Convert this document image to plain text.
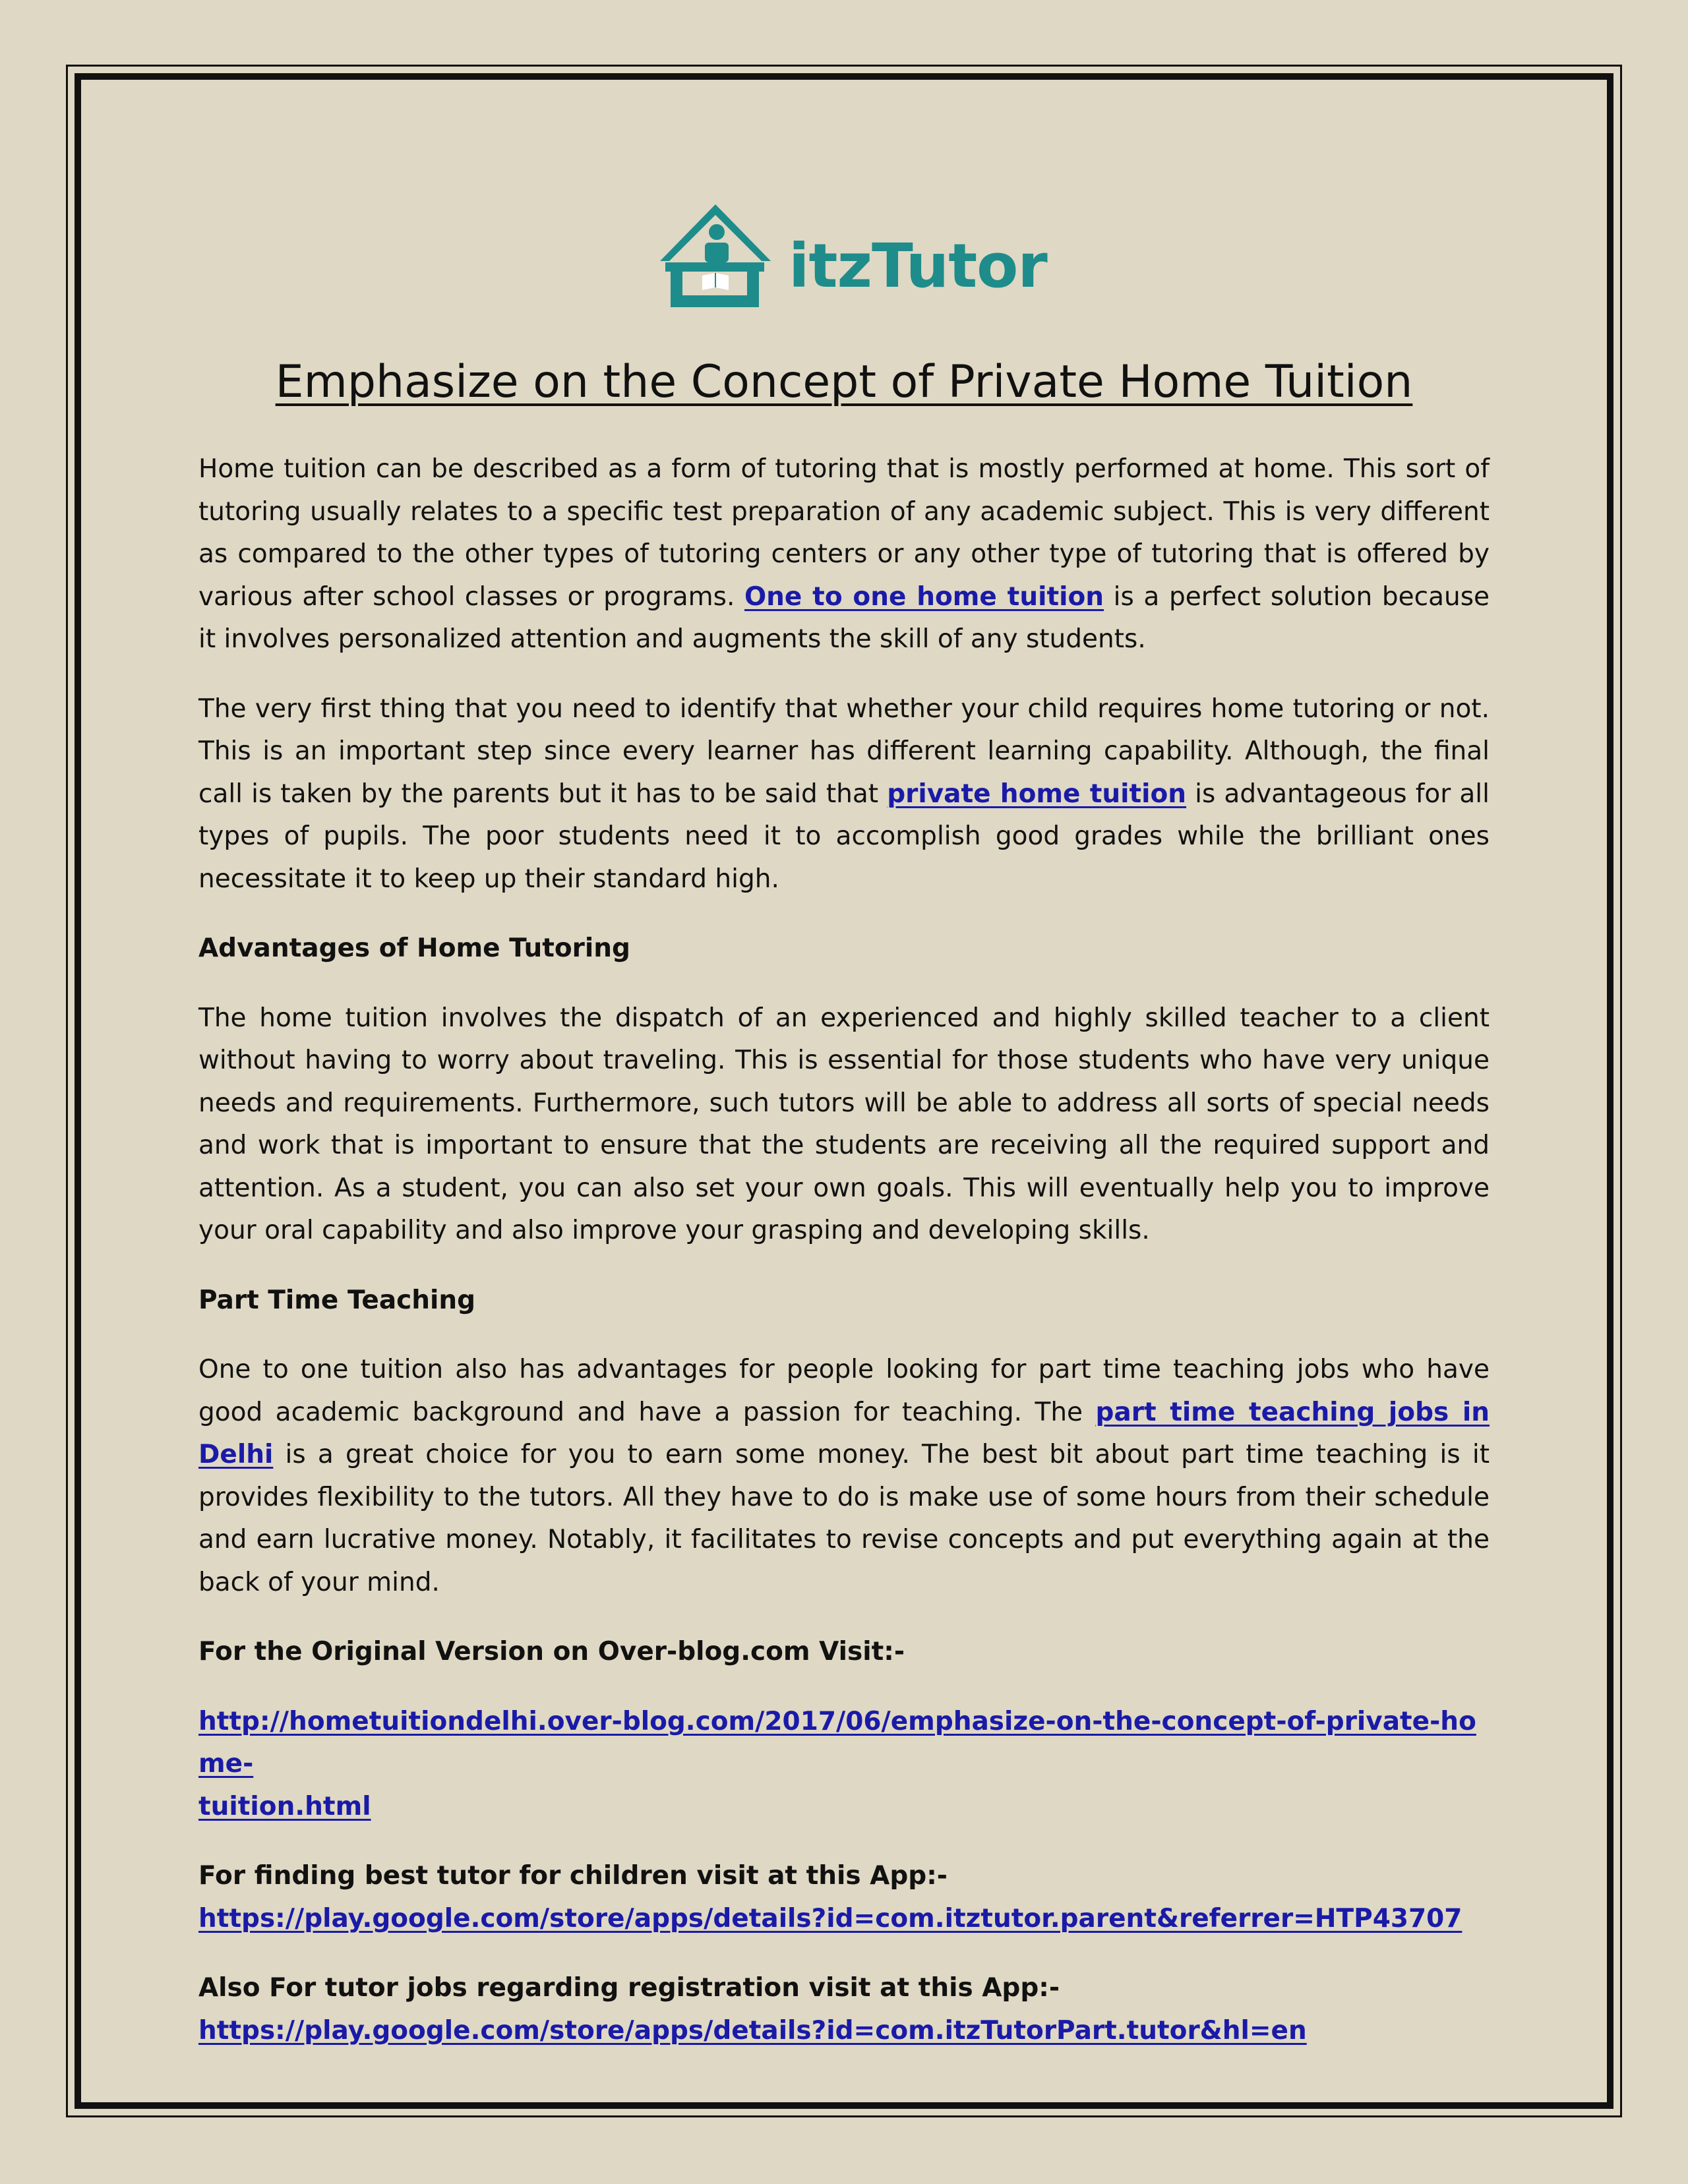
itzTutor
Emphasize on the Concept of Private Home Tuition

Home tuition can be described as a form of tutoring that is mostly performed at home. This sort of tutoring usually relates to a specific test preparation of any academic subject. This is very different as compared to the other types of tutoring centers or any other type of tutoring that is offered by various after school classes or programs. One to one home tuition is a perfect solution because it involves personalized attention and augments the skill of any students.

The very first thing that you need to identify that whether your child requires home tutoring or not. This is an important step since every learner has different learning capability. Although, the final call is taken by the parents but it has to be said that private home tuition is advantageous for all types of pupils. The poor students need it to accomplish good grades while the brilliant ones necessitate it to keep up their standard high.

Advantages of Home Tutoring

The home tuition involves the dispatch of an experienced and highly skilled teacher to a client without having to worry about traveling. This is essential for those students who have very unique needs and requirements. Furthermore, such tutors will be able to address all sorts of special needs and work that is important to ensure that the students are receiving all the required support and attention. As a student, you can also set your own goals. This will eventually help you to improve your oral capability and also improve your grasping and developing skills.

Part Time Teaching

One to one tuition also has advantages for people looking for part time teaching jobs who have good academic background and have a passion for teaching. The part time teaching jobs in Delhi is a great choice for you to earn some money. The best bit about part time teaching is it provides flexibility to the tutors. All they have to do is make use of some hours from their schedule and earn lucrative money. Notably, it facilitates to revise concepts and put everything again at the back of your mind.

For the Original Version on Over-blog.com Visit:-

http://hometuitiondelhi.over-blog.com/2017/06/emphasize-on-the-concept-of-private-home-
tuition.html

For finding best tutor for children visit at this App:-
https://play.google.com/store/apps/details?id=com.itztutor.parent&referrer=HTP43707

Also For tutor jobs regarding registration visit at this App:-
https://play.google.com/store/apps/details?id=com.itzTutorPart.tutor&hl=en
